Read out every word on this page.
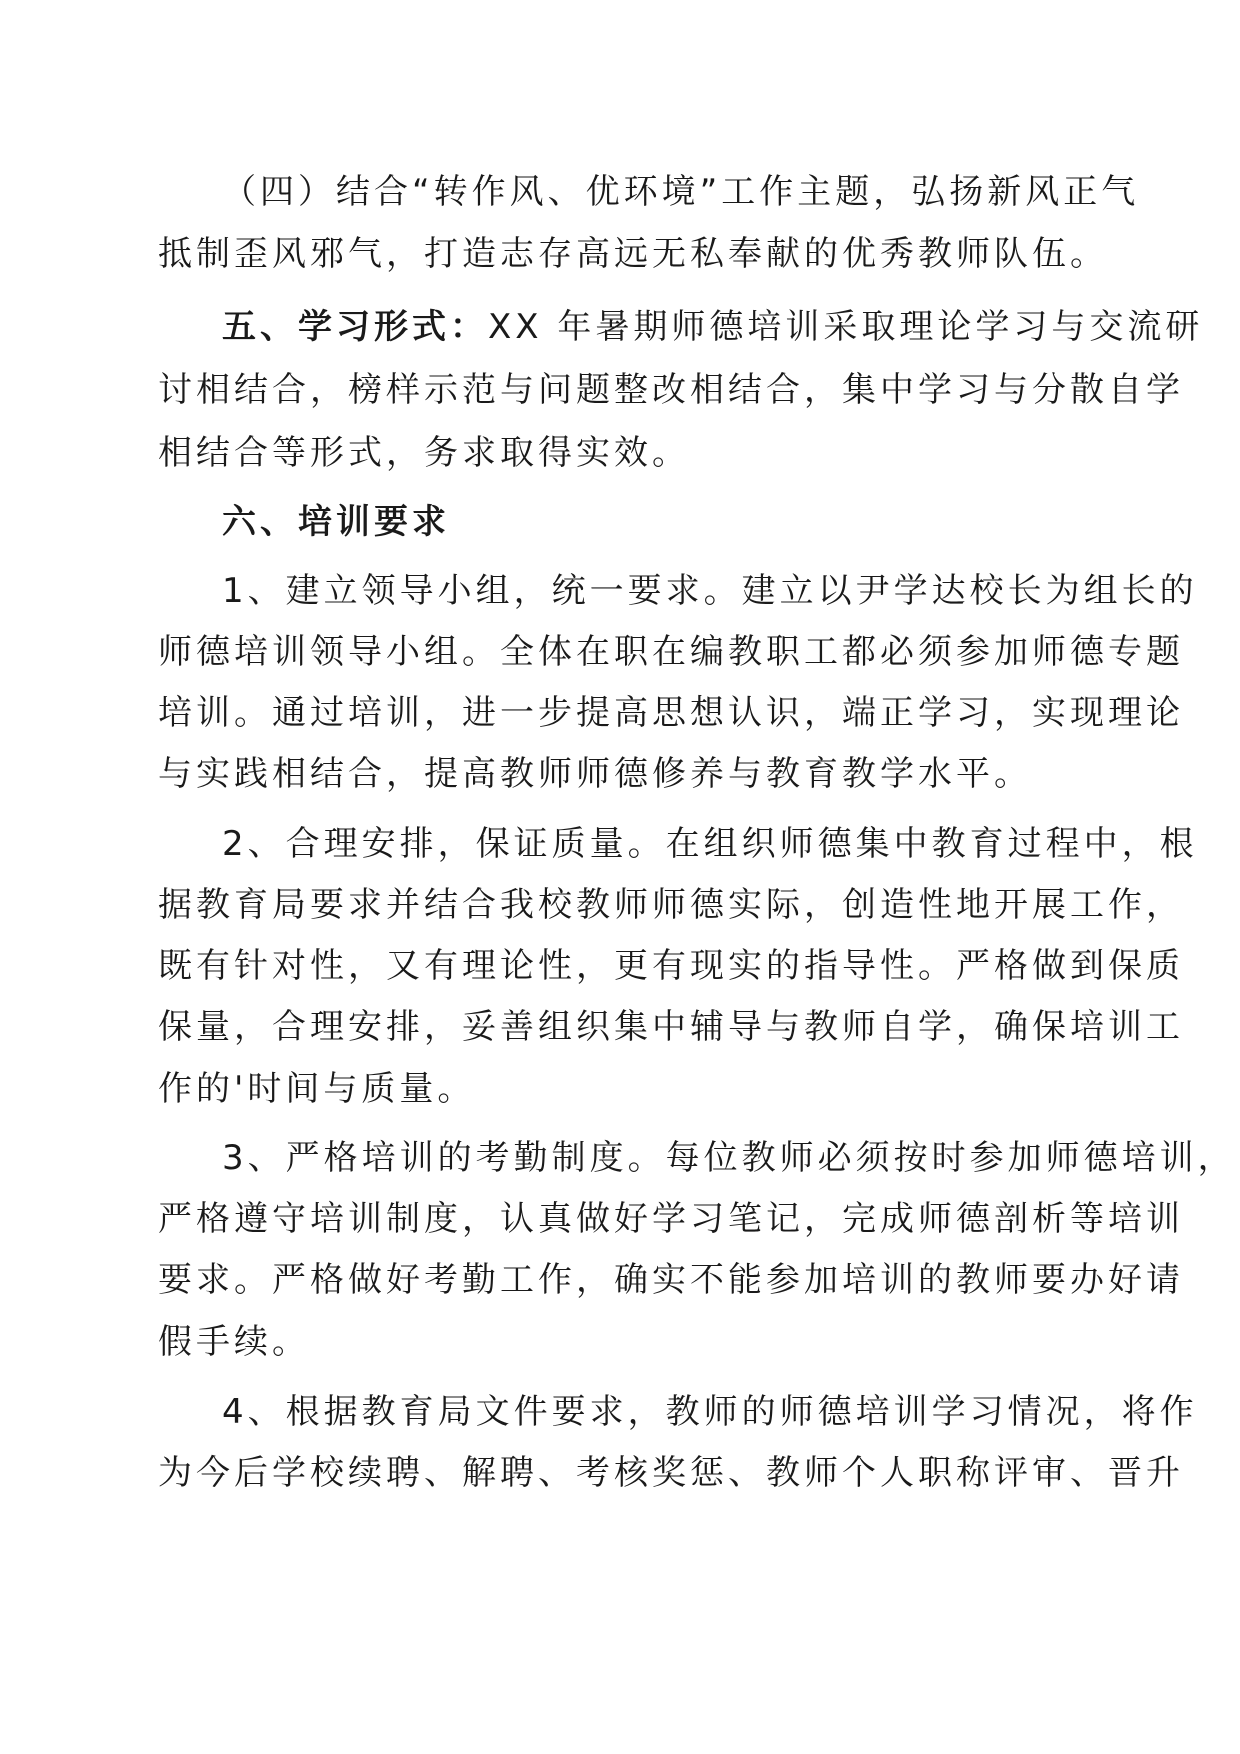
（四）结合“转作风、优环境”工作主题，弘扬新风正气
抵制歪风邪气，打造志存高远无私奉献的优秀教师队伍。
五、学习形式：XX 年暑期师德培训采取理论学习与交流研
讨相结合，榜样示范与问题整改相结合，集中学习与分散自学
相结合等形式，务求取得实效。
六、培训要求
1、建立领导小组，统一要求。建立以尹学达校长为组长的
师德培训领导小组。全体在职在编教职工都必须参加师德专题
培训。通过培训，进一步提高思想认识，端正学习，实现理论
与实践相结合，提高教师师德修养与教育教学水平。
2、合理安排，保证质量。在组织师德集中教育过程中，根
据教育局要求并结合我校教师师德实际，创造性地开展工作，
既有针对性，又有理论性，更有现实的指导性。严格做到保质
保量，合理安排，妥善组织集中辅导与教师自学，确保培训工
作的'时间与质量。
3、严格培训的考勤制度。每位教师必须按时参加师德培训，
严格遵守培训制度，认真做好学习笔记，完成师德剖析等培训
要求。严格做好考勤工作，确实不能参加培训的教师要办好请
假手续。
4、根据教育局文件要求，教师的师德培训学习情况，将作
为今后学校续聘、解聘、考核奖惩、教师个人职称评审、晋升
